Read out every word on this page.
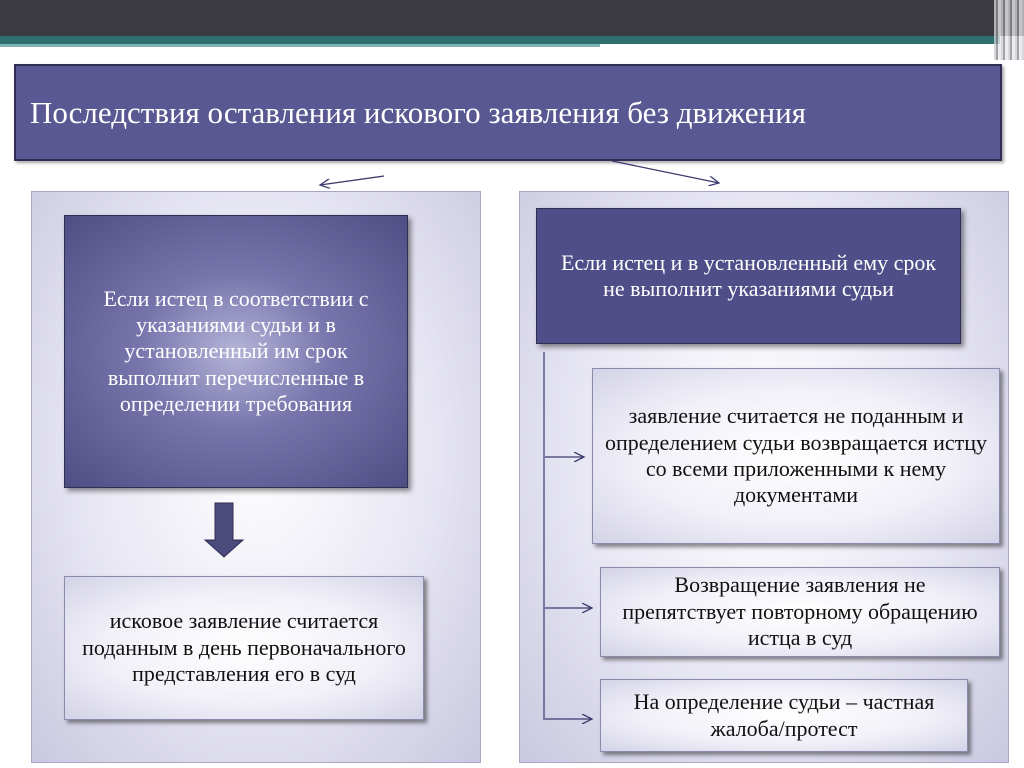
Последствия оставления искового заявления без движения
Если истец в соответствии с указаниями судьи и в установленный им срок выполнит перечисленные в определении требования
исковое заявление считается поданным в день первоначального представления его в суд
Если истец и в установленный ему срок не выполнит указаниями судьи
заявление считается не поданным и определением судьи возвращается истцу со всеми приложенными к нему документами
Возвращение заявления не препятствует повторному обращению истца в суд
На определение судьи – частная жалоба/протест
